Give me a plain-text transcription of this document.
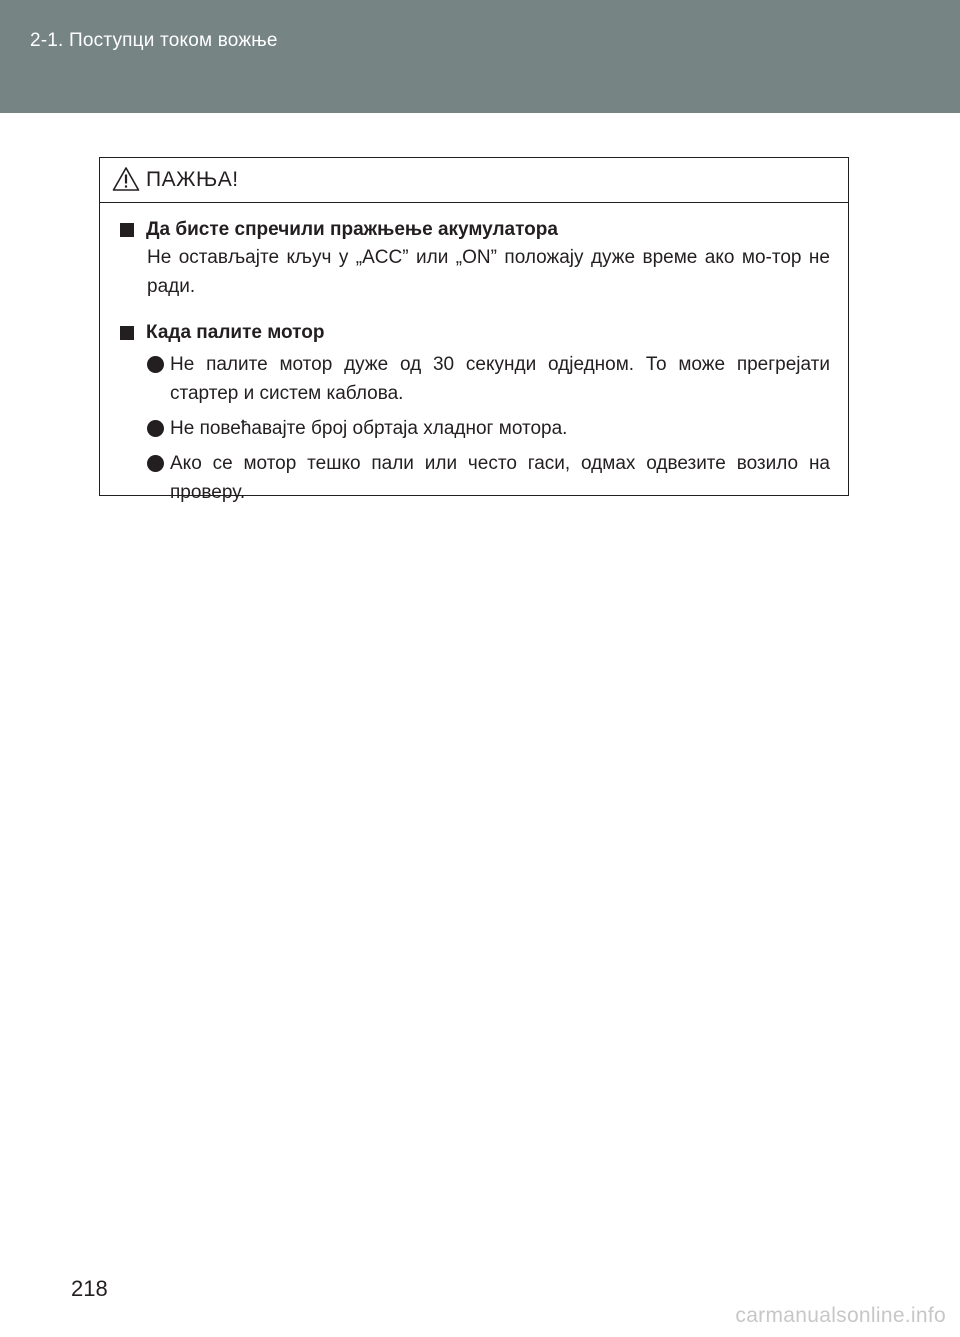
2-1. Поступци током вожње
ПАЖЊА!
Да бисте спречили пражњење акумулатора
Не остављајте кључ у „ACC” или „ON” положају дуже време ако мо-тор не ради.
Када палите мотор
Не палите мотор дуже од 30 секунди одједном. То може прегрејати стартер и систем каблова.
Не повећавајте број обртаја хладног мотора.
Ако се мотор тешко пали или често гаси, одмах одвезите возило на проверу.
218
carmanualsonline.info
